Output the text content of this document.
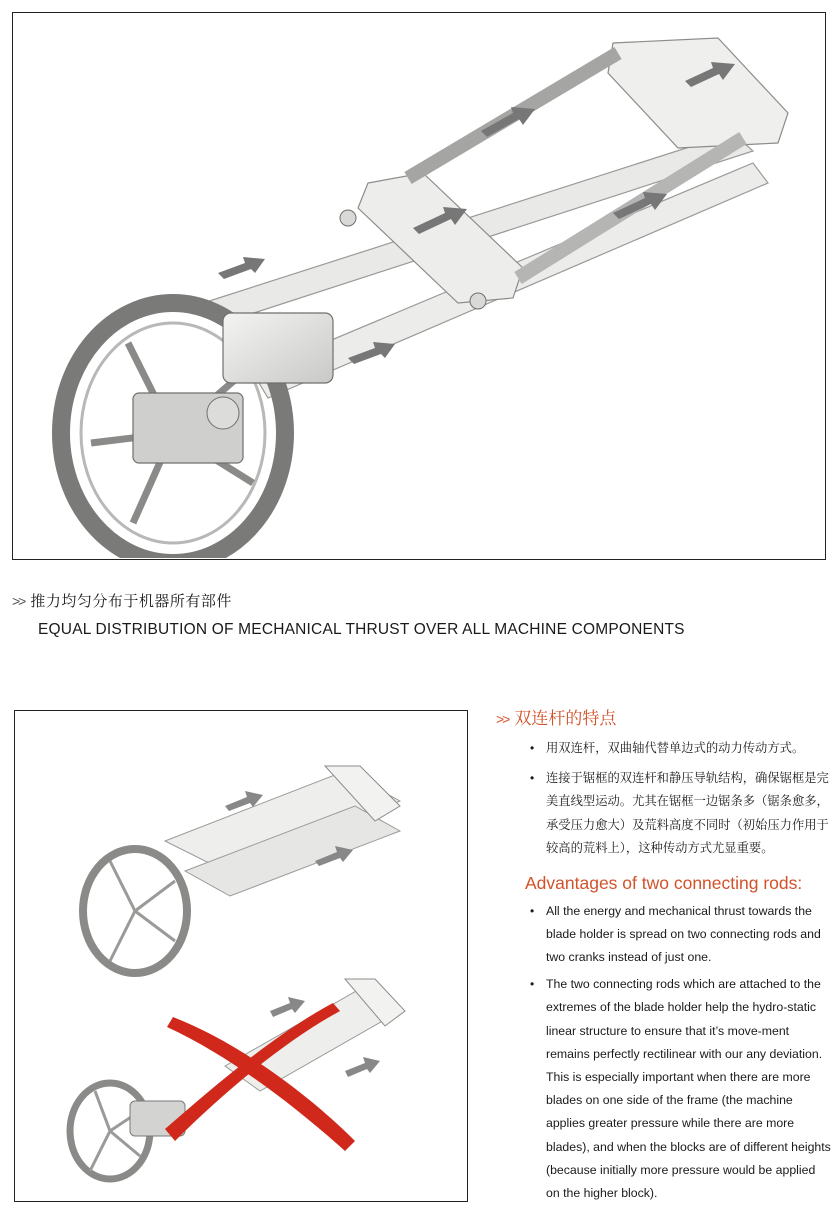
>> 推力均匀分布于机器所有部件
EQUAL DISTRIBUTION OF MECHANICAL THRUST OVER ALL MACHINE COMPONENTS
>> 双连杆的特点
• 用双连杆，双曲轴代替单边式的动力传动方式。
• 连接于锯框的双连杆和静压导轨结构，确保锯框是完美直线型运动。尤其在锯框一边锯条多（锯条愈多，承受压力愈大）及荒料高度不同时（初始压力作用于较高的荒料上），这种传动方式尤显重要。
Advantages of two connecting rods:
• All the energy and mechanical thrust towards the blade holder is spread on two connecting rods and two cranks instead of just one.
• The two connecting rods which are attached to the extremes of the blade holder help the hydro-static linear structure to ensure that it’s move-ment remains perfectly rectilinear with our any deviation. This is especially important when there are more blades on one side of the frame (the machine applies greater pressure while there are more blades), and when the blocks are of different heights (because initially more pressure would be applied on the higher block).
